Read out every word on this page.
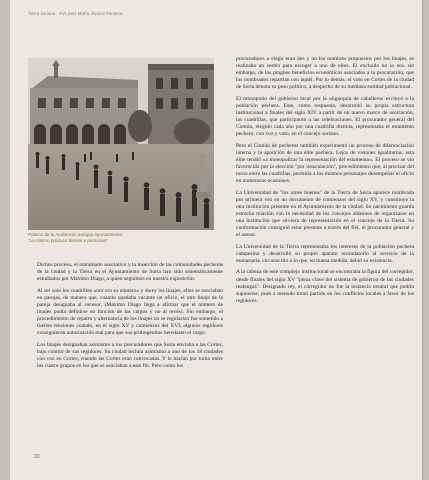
Tierra soriana · XVI José María Álvarez Fontana
Palacio de la Audiencia, antiguo Ayuntamiento.
"Lo mismo produce bienes a personas"

Dichos proceso, el entramado asociativo y la inserción de las comunidades pecheras de la ciudad y la Tierra en el Ayuntamiento de Soria han sido sistemáticamente estudiados por Máximo Diago, a quien seguimos en nuestra exposición.

Al ser solo los cuadrillos «nor era su número» y dwey los linajes, ellos se asociaban en parejas, de manera que, cuando quedaba vacante un oficio, el otro linaje de la pareja designaba al sucesor. (Máximo Diago llega a afirmar que el número de linajes podía definirse en función de los cargos y no al revés). Sin embargo, el procedimiento de reparto y alternancia de los linajes no se regularizó fue sometido a fuertes tensiones cuando, en el siglo XV y comienzos del XVI, algunos regidores consiguieron autorización real para que sus primogénitos heredasen el cargo.

Los linajes designaban asimismo a los procuradores que Soria enviaba a las Cortes, bajo control de sus regidores. Su ciudad incluía asimismo a uno de los 18 ciudades con voz en Cortes, cuando las Cortes eran convocadas. Y lo hacían por turno entre los cuatro grupos en los que se asociaban a este fin. Pero como los

procuradores a elegir eran dos y no los nombres propuestos por los linajes, se realizaba un sorteo para escoger a uno de ellos. El excluido no lo era, sin embargo, de los pingües beneficios económicos asociados a la procuración, que los nombrados repartían con aquél. Por lo demás, el voto en Cortes de la ciudad de Soria denota su peso político, a despecho de su mediana entidad poblacional.

El monopolio del gobierno local por la oligarquía de caballeros excluyó a la población pechera. Este, como respuesta, desarrolló su propia estructura institucional a finales del siglo XIV a partir de un nuevo marco de asociación, las cuadrillas, que participaron a las celebraciones. El procurador general del Común, elegido cada año por una cuadrilla distinta, representaba el estamento pechero, con voz y voto, en el concejo soriano.

Pero el Común de pecheros también experimentó un proceso de diferenciación interna y la aparición de una élite pechera. Lejos de visiones igualitarias, esta élite tendió «a monopolizar la representación del estamento». El proceso se vio favorecido por la elección "por insaculación", procedimiento que, al precisar del turno entre las cuadrillas, permitía a los mismos personajes desempeñar el oficio en numerosas ocasiones.

La Universidad de "los omes buenos" de la Tierra de Soria aparece nombrada por primera vez en un documento de comienzos del siglo XV, y constituye la otra institución presente en el Ayuntamiento de la ciudad. Su nacimiento guarda estrecha relación con la necesidad de los concejos aldeanos de organizarse en una institución que sirviera de representación en el concejo de la Tierra. Su conformación consiguió estar presente a través del fiel, el procurador general y el asesor.

La Universidad de la Tierra representaba los intereses de la población pechera campesina y desarrolló su propio aparato recaudatorio al servicio de la monarquía, circunscrito a lo que, en buena medida, debió su existencia.

A la cabeza de este complejo institucional se encontraba la figura del corregidor, desde finales del siglo XV "pieza clave del sistema de gobierno de las ciudades realengas". Designado rey, el corregidor no fue la instancia neutral que podría suponerse, pues a menudo tomó partido en los conflictos locales a favor de los regidores.

20
